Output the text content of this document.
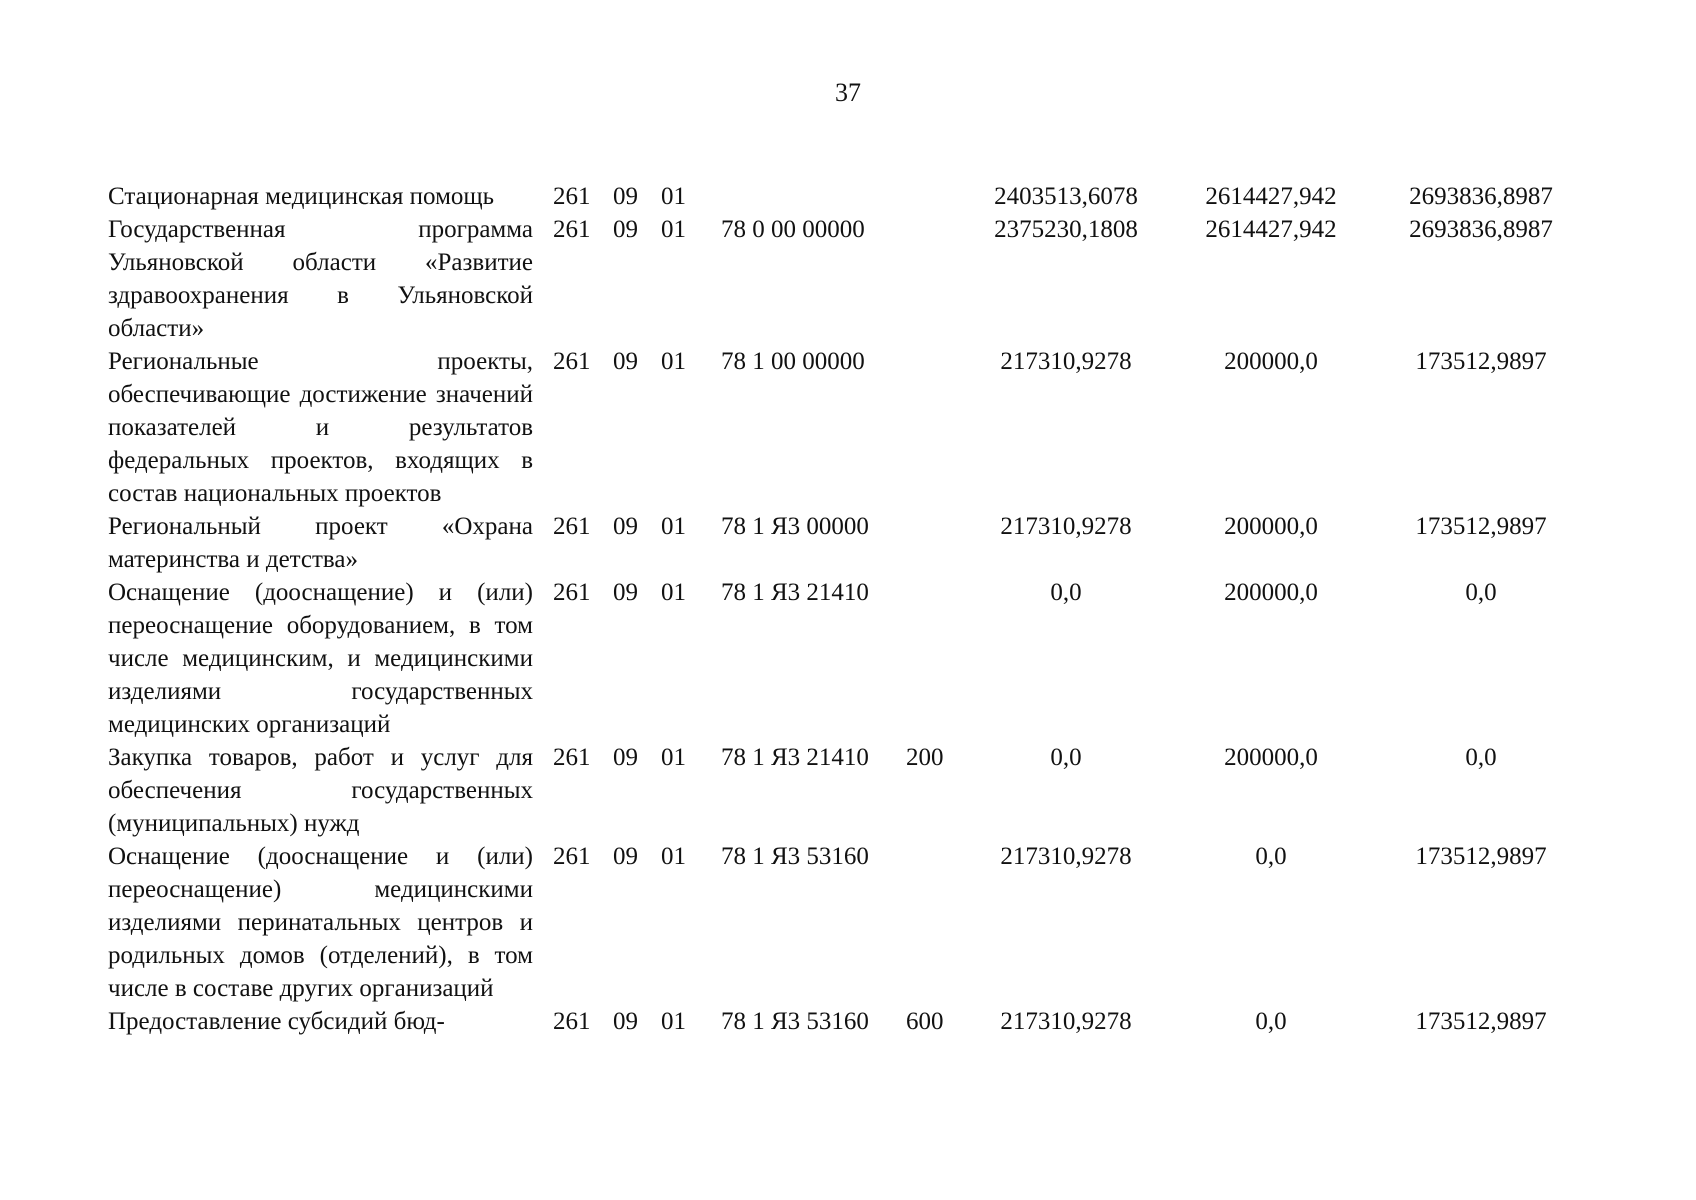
37
Стационарная медицинская помощь	261	09	01			2403513,6078	2614427,942	2693836,8987
Государственная программа Ульяновской области «Развитие здравоохранения в Ульяновской области»	261	09	01	78 0 00 00000		2375230,1808	2614427,942	2693836,8987
Региональные проекты, обеспечивающие достижение значений показателей и результатов федеральных проектов, входящих в состав национальных проектов	261	09	01	78 1 00 00000		217310,9278	200000,0	173512,9897
Региональный проект «Охрана материнства и детства»	261	09	01	78 1 Я3 00000		217310,9278	200000,0	173512,9897
Оснащение (дооснащение) и (или) переоснащение оборудованием, в том числе медицинским, и медицинскими изделиями государственных медицинских организаций	261	09	01	78 1 Я3 21410		0,0	200000,0	0,0
Закупка товаров, работ и услуг для обеспечения государственных (муниципальных) нужд	261	09	01	78 1 Я3 21410	200	0,0	200000,0	0,0
Оснащение (дооснащение и (или) переоснащение) медицинскими изделиями перинатальных центров и родильных домов (отделений), в том числе в составе других организаций	261	09	01	78 1 Я3 53160		217310,9278	0,0	173512,9897
Предоставление субсидий бюд-	261	09	01	78 1 Я3 53160	600	217310,9278	0,0	173512,9897
